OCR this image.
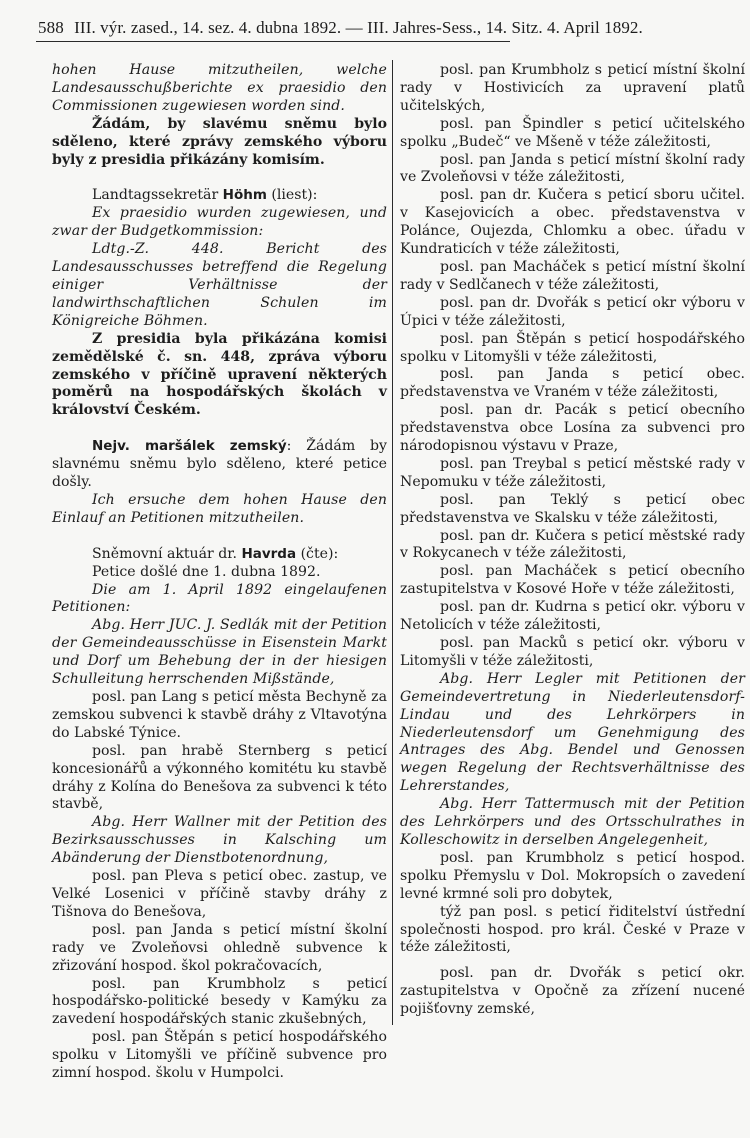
588 III. výr. zased., 14. sez. 4. dubna 1892. — III. Jahres-Sess., 14. Sitz. 4. April 1892.

hohen Hause mitzutheilen, welche Landesausschußberichte ex praesidio den Commissionen zugewiesen worden sind.

Žádám, by slavému sněmu bylo sděleno, které zprávy zemského výboru byly z presidia přikázány komisím.

Landtagssekretär Höhm (liest):

Ex praesidio wurden zugewiesen, und zwar der Budgetkommission:

Ldtg.-Z. 448. Bericht des Landesausschusses betreffend die Regelung einiger Verhältnisse der landwirthschaftlichen Schulen im Königreiche Böhmen.

Z presidia byla přikázána komisi zemědělské č. sn. 448, zpráva výboru zemského v příčině upravení některých poměrů na hospodářských školách v království Českém.

Nejv. maršálek zemský: Žádám by slavnému sněmu bylo sděleno, které petice došly.

Ich ersuche dem hohen Hause den Einlauf an Petitionen mitzutheilen.

Sněmovní aktuár dr. Havrda (čte):

Petice došlé dne 1. dubna 1892.

Die am 1. April 1892 eingelaufenen Petitionen:

Abg. Herr JUC. J. Sedlák mit der Petition der Gemeindeausschüsse in Eisenstein Markt und Dorf um Behebung der in der hiesigen Schulleitung herrschenden Mißstände,

posl. pan Lang s peticí města Bechyně za zemskou subvenci k stavbě dráhy z Vltavotýna do Labské Týnice.

posl. pan hrabě Sternberg s peticí koncesionářů a výkonného komitétu ku stavbě dráhy z Kolína do Benešova za subvenci k této stavbě,

Abg. Herr Wallner mit der Petition des Bezirksausschusses in Kalsching um Abänderung der Dienstbotenordnung,

posl. pan Pleva s peticí obec. zastup, ve Velké Losenici v příčině stavby dráhy z Tišnova do Benešova,

posl. pan Janda s peticí místní školní rady ve Zvoleňovsi ohledně subvence k zřizování hospod. škol pokračovacích,

posl. pan Krumbholz s peticí hospodářsko-politické besedy v Kamýku za zavedení hospodářských stanic zkušebných,

posl. pan Štěpán s peticí hospodářského spolku v Litomyšli ve příčině subvence pro zimní hospod. školu v Humpolci.

posl. pan Krumbholz s peticí místní školní rady v Hostivicích za upravení platů učitelských,

posl. pan Špindler s peticí učitelského spolku „Budeč“ ve Mšeně v téže záležitosti,

posl. pan Janda s peticí místní školní rady ve Zvoleňovsi v téže záležitosti,

posl. pan dr. Kučera s peticí sboru učitel. v Kasejovicích a obec. představenstva v Polánce, Oujezda, Chlomku a obec. úřadu v Kundraticích v téže záležitosti,

posl. pan Macháček s peticí místní školní rady v Sedlčanech v téže záležitosti,

posl. pan dr. Dvořák s peticí okr výboru v Úpici v téže záležitosti,

posl. pan Štěpán s peticí hospodářského spolku v Litomyšli v téže záležitosti,

posl. pan Janda s peticí obec. představenstva ve Vraném v téže záležitosti,

posl. pan dr. Pacák s peticí obecního představenstva obce Losína za subvenci pro národopisnou výstavu v Praze,

posl. pan Treybal s peticí městské rady v Nepomuku v téže záležitosti,

posl. pan Teklý s peticí obec představenstva ve Skalsku v téže záležitosti,

posl. pan dr. Kučera s peticí městské rady v Rokycanech v téže záležitosti,

posl. pan Macháček s peticí obecního zastupitelstva v Kosové Hoře v téže záležitosti,

posl. pan dr. Kudrna s peticí okr. výboru v Netolicích v téže záležitosti,

posl. pan Macků s peticí okr. výboru v Litomyšli v téže záležitosti,

Abg. Herr Legler mit Petitionen der Gemeindevertretung in Niederleutensdorf-Lindau und des Lehrkörpers in Niederleutensdorf um Genehmigung des Antrages des Abg. Bendel und Genossen wegen Regelung der Rechtsverhältnisse des Lehrerstandes,

Abg. Herr Tattermusch mit der Petition des Lehrkörpers und des Ortsschulrathes in Kolleschowitz in derselben Angelegenheit,

posl. pan Krumbholz s peticí hospod. spolku Přemyslu v Dol. Mokropsích o zavedení levné krmné soli pro dobytek,

týž pan posl. s peticí řiditelství ústřední společnosti hospod. pro král. České v Praze v téže záležitosti,

posl. pan dr. Dvořák s peticí okr. zastupitelstva v Opočně za zřízení nucené pojišťovny zemské,
